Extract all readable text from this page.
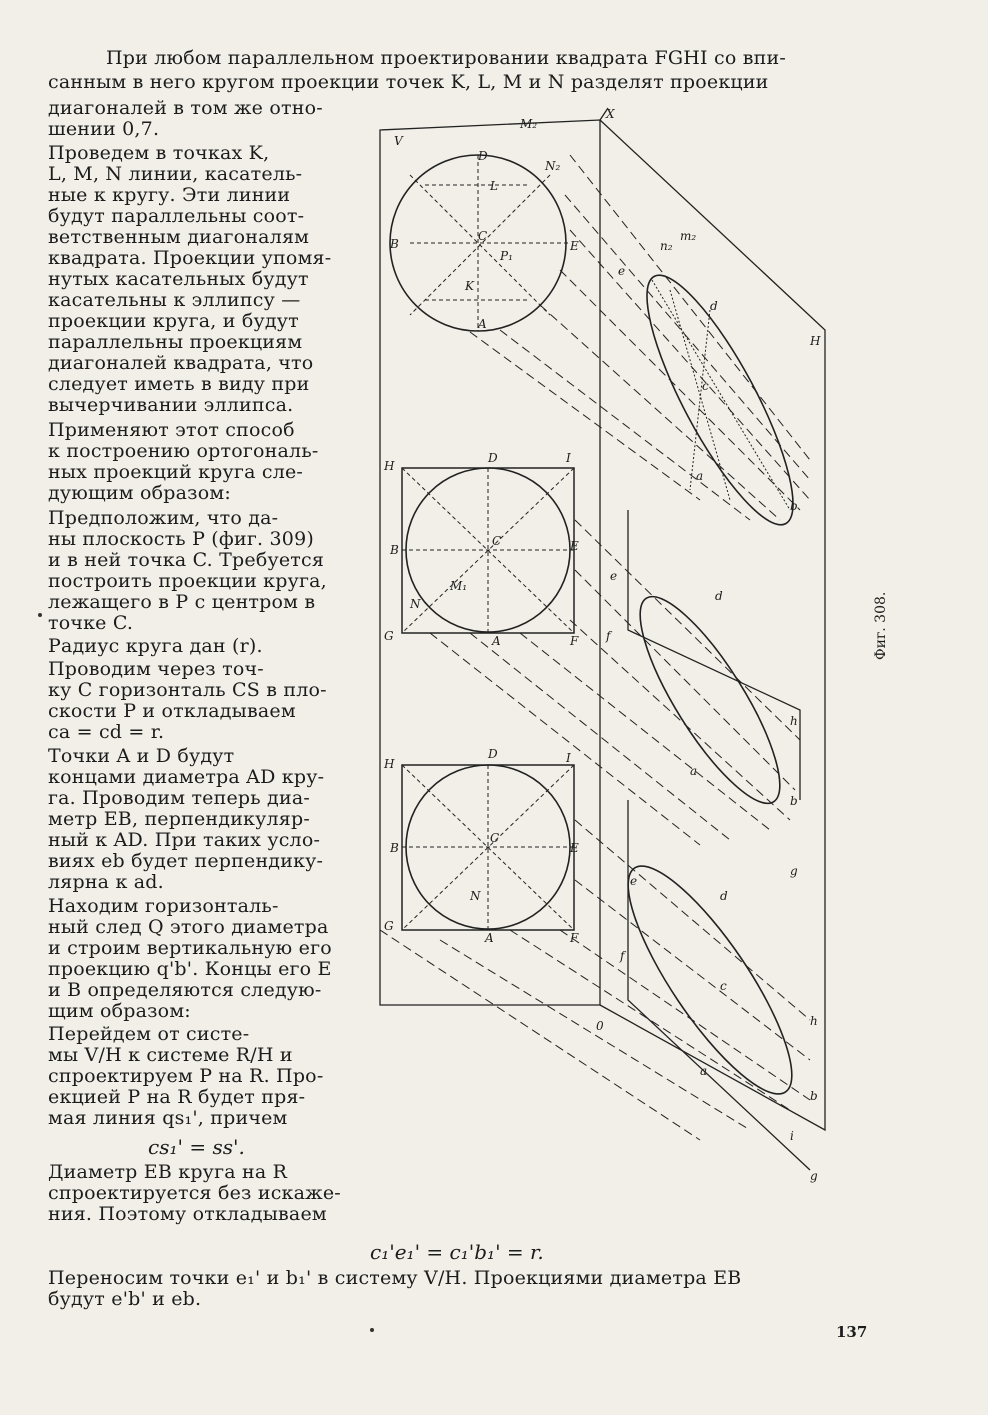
При любом параллельном проектировании квадрата FGHI со впи-
санным в него кругом проекции точек K, L, M и N разделят проекции
диагоналей в том же отно-
шении 0,7.
Проведем в точках K,
L, M, N линии, касатель-
ные к кругу. Эти линии
будут параллельны соот-
ветственным диагоналям
квадрата. Проекции упомя-
нутых касательных будут
касательны к эллипсу —
проекции круга, и будут
параллельны проекциям
диагоналей квадрата, что
следует иметь в виду при
вычерчивании эллипса.
Применяют этот способ
к построению ортогональ-
ных проекций круга сле-
дующим образом:
Предположим, что да-
ны плоскость P (фиг. 309)
и в ней точка C. Требуется
построить проекции круга,
лежащего в P с центром в
точке C.
Радиус круга дан (r).
Проводим через точ-
ку C горизонталь CS в пло-
скости P и откладываем
ca = cd = r.
Точки A и D будут
концами диаметра AD кру-
га. Проводим теперь диа-
метр EB, перпендикуляр-
ный к AD. При таких усло-
виях eb будет перпендику-
лярна к ad.
Находим горизонталь-
ный след Q этого диаметра
и строим вертикальную его
проекцию q'b'. Концы его E
и B определяются следую-
щим образом:
Перейдем от систе-
мы V/H к системе R/H и
спроектируем P на R. Про-
екцией P на R будет пря-
мая линия qs₁', причем
cs₁' = ss'.
Диаметр EB круга на R
спроектируется без искаже-
ния. Поэтому откладываем
c₁'e₁' = c₁'b₁' = r.
Переносим точки e₁' и b₁' в систему V/H. Проекциями диаметра EB
будут e'b' и eb.
Фиг. 308.
137
V
X
M₂
D
N₂
L
B
C
E	n₂
m₂
H
A
K
P₁
d
c
a
b
e
H
D	I
B
C	E
N
M₁
G	F
A
e
d
h
b
a
g
f
H
D	I
B
C
E
G
N
F
A
0
e
d
c
a
h
b
g
f
i
